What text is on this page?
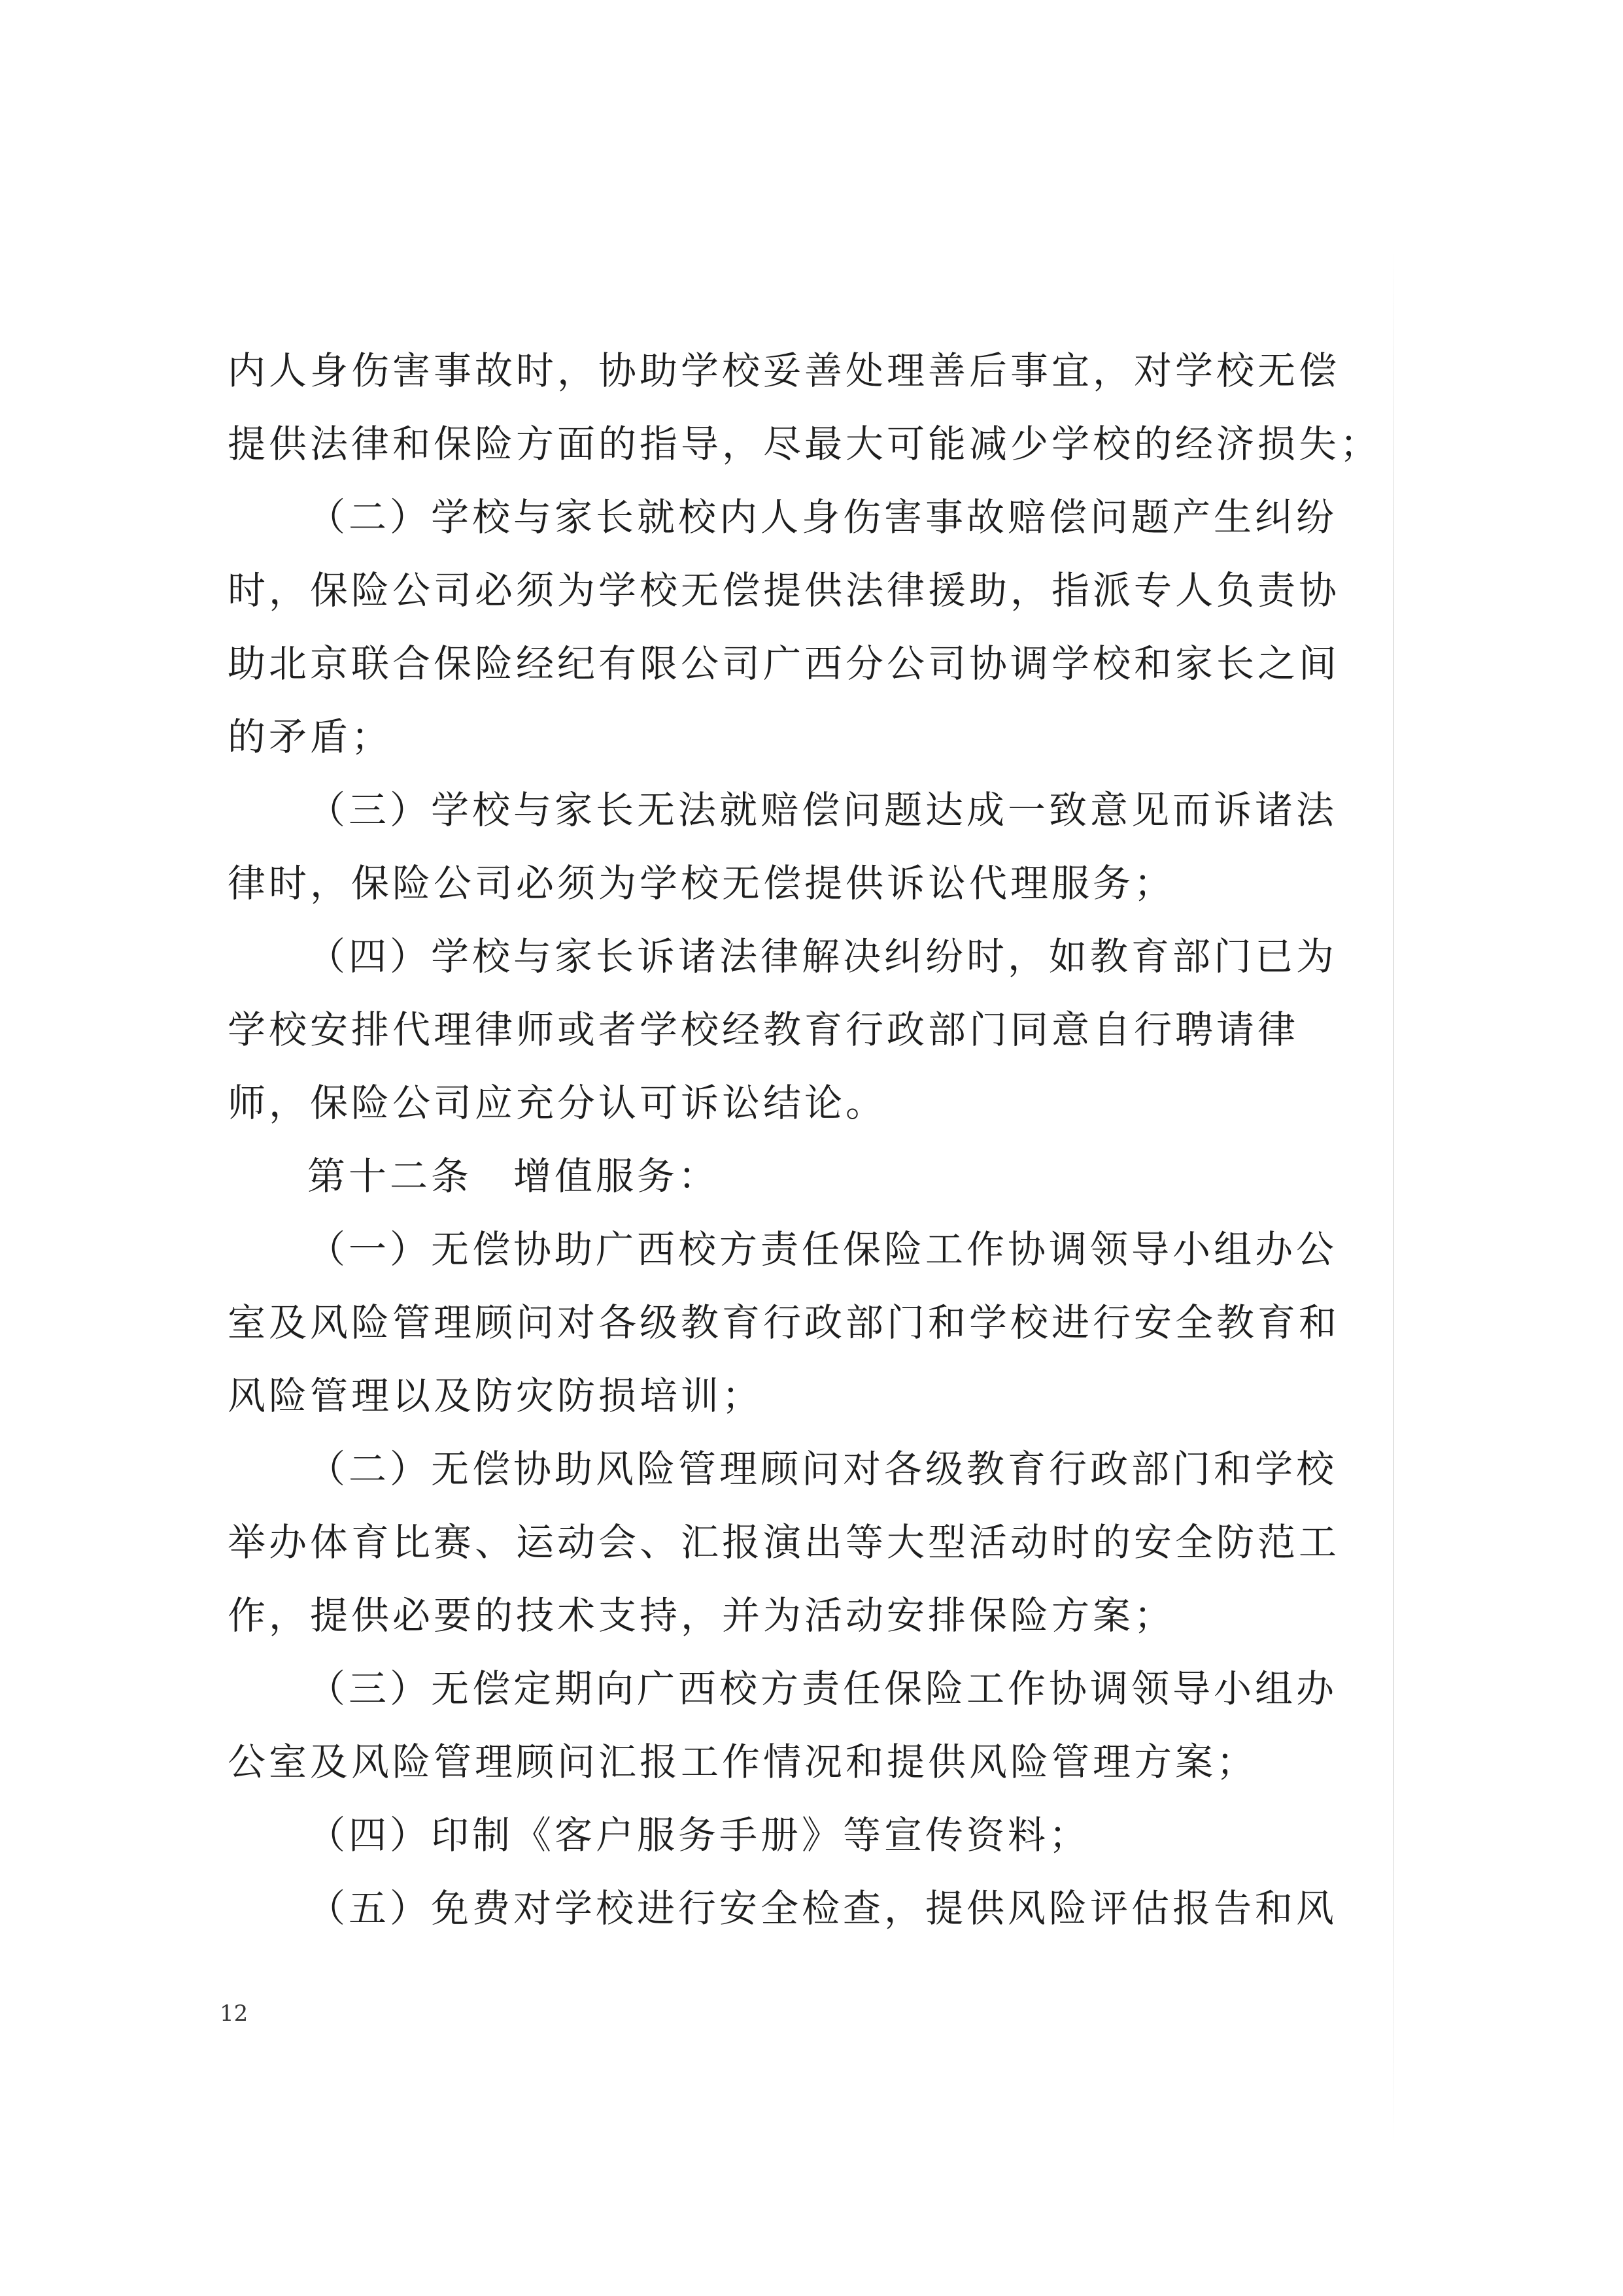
内人身伤害事故时，协助学校妥善处理善后事宜，对学校无偿
提供法律和保险方面的指导，尽最大可能减少学校的经济损失；
（二）学校与家长就校内人身伤害事故赔偿问题产生纠纷
时，保险公司必须为学校无偿提供法律援助，指派专人负责协
助北京联合保险经纪有限公司广西分公司协调学校和家长之间
的矛盾；
（三）学校与家长无法就赔偿问题达成一致意见而诉诸法
律时，保险公司必须为学校无偿提供诉讼代理服务；
（四）学校与家长诉诸法律解决纠纷时，如教育部门已为
学校安排代理律师或者学校经教育行政部门同意自行聘请律
师，保险公司应充分认可诉讼结论。
第十二条　增值服务：
（一）无偿协助广西校方责任保险工作协调领导小组办公
室及风险管理顾问对各级教育行政部门和学校进行安全教育和
风险管理以及防灾防损培训；
（二）无偿协助风险管理顾问对各级教育行政部门和学校
举办体育比赛、运动会、汇报演出等大型活动时的安全防范工
作，提供必要的技术支持，并为活动安排保险方案；
（三）无偿定期向广西校方责任保险工作协调领导小组办
公室及风险管理顾问汇报工作情况和提供风险管理方案；
（四）印制《客户服务手册》等宣传资料；
（五）免费对学校进行安全检查，提供风险评估报告和风
12
